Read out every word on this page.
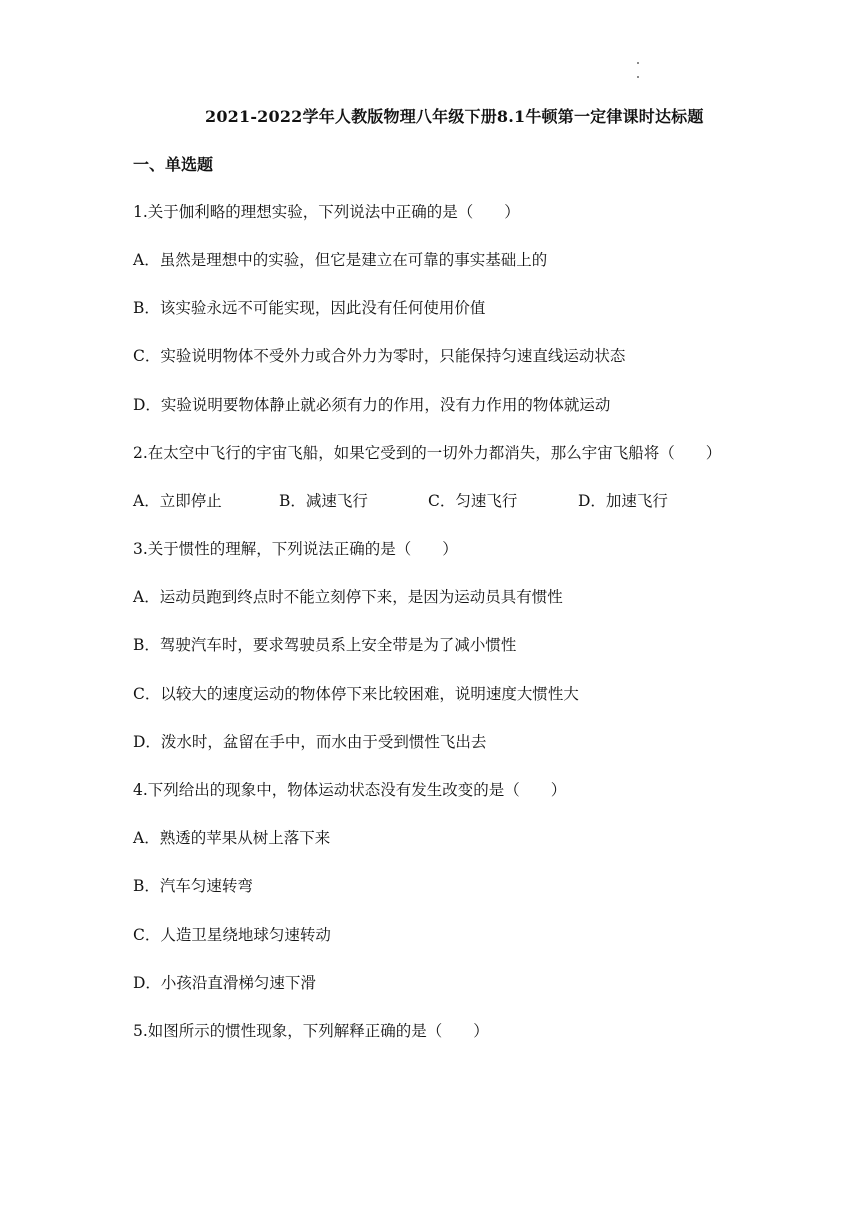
2021-2022学年人教版物理八年级下册8.1牛顿第一定律课时达标题
一、单选题
1.关于伽利略的理想实验，下列说法中正确的是（　　）
A．虽然是理想中的实验，但它是建立在可靠的事实基础上的
B．该实验永远不可能实现，因此没有任何使用价值
C．实验说明物体不受外力或合外力为零时，只能保持匀速直线运动状态
D．实验说明要物体静止就必须有力的作用，没有力作用的物体就运动
2.在太空中飞行的宇宙飞船，如果它受到的一切外力都消失，那么宇宙飞船将（　　）
A．立即停止	B．减速飞行	C．匀速飞行	D．加速飞行
3.关于惯性的理解，下列说法正确的是（　　）
A．运动员跑到终点时不能立刻停下来，是因为运动员具有惯性
B．驾驶汽车时，要求驾驶员系上安全带是为了减小惯性
C．以较大的速度运动的物体停下来比较困难，说明速度大惯性大
D．泼水时，盆留在手中，而水由于受到惯性飞出去
4.下列给出的现象中，物体运动状态没有发生改变的是（　　）
A．熟透的苹果从树上落下来
B．汽车匀速转弯
C．人造卫星绕地球匀速转动
D．小孩沿直滑梯匀速下滑
5.如图所示的惯性现象，下列解释正确的是（　　）
